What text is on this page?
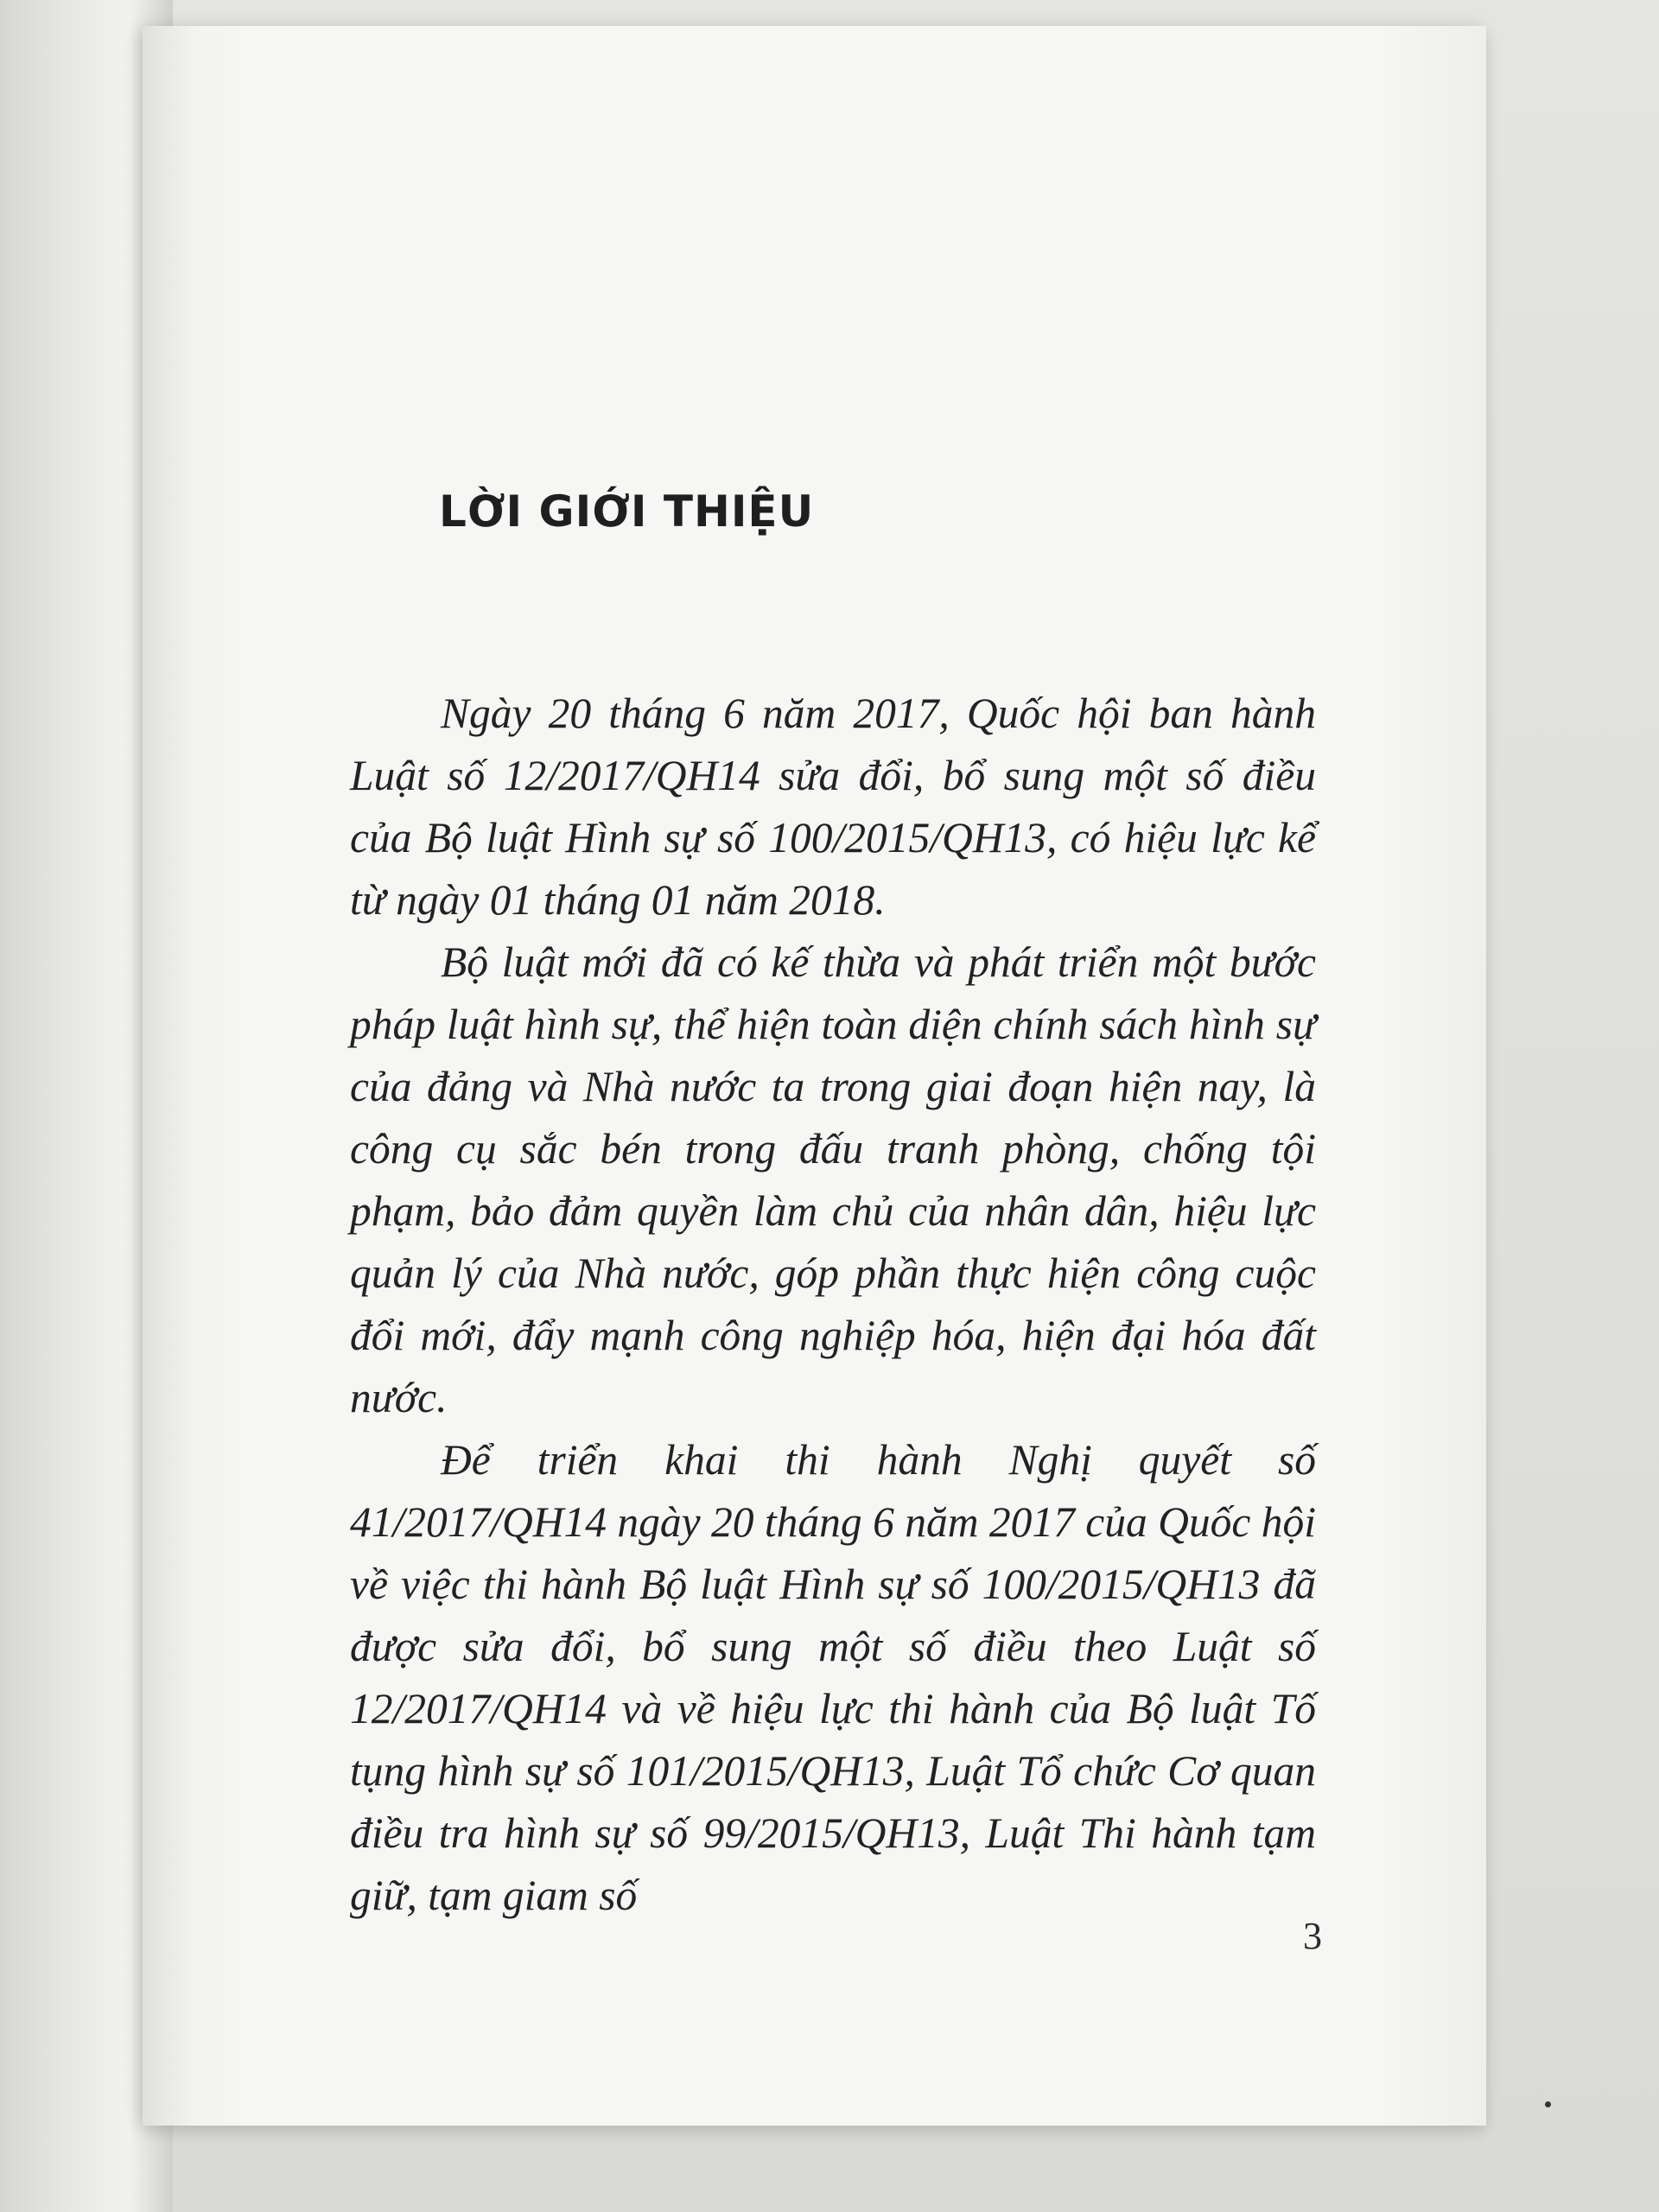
LỜI GIỚI THIỆU

Ngày 20 tháng 6 năm 2017, Quốc hội ban hành Luật số 12/2017/QH14 sửa đổi, bổ sung một số điều của Bộ luật Hình sự số 100/2015/QH13, có hiệu lực kể từ ngày 01 tháng 01 năm 2018.

Bộ luật mới đã có kế thừa và phát triển một bước pháp luật hình sự, thể hiện toàn diện chính sách hình sự của đảng và Nhà nước ta trong giai đoạn hiện nay, là công cụ sắc bén trong đấu tranh phòng, chống tội phạm, bảo đảm quyền làm chủ của nhân dân, hiệu lực quản lý của Nhà nước, góp phần thực hiện công cuộc đổi mới, đẩy mạnh công nghiệp hóa, hiện đại hóa đất nước.

Để triển khai thi hành Nghị quyết số 41/2017/QH14 ngày 20 tháng 6 năm 2017 của Quốc hội về việc thi hành Bộ luật Hình sự số 100/2015/QH13 đã được sửa đổi, bổ sung một số điều theo Luật số 12/2017/QH14 và về hiệu lực thi hành của Bộ luật Tố tụng hình sự số 101/2015/QH13, Luật Tổ chức Cơ quan điều tra hình sự số 99/2015/QH13, Luật Thi hành tạm giữ, tạm giam số

3
